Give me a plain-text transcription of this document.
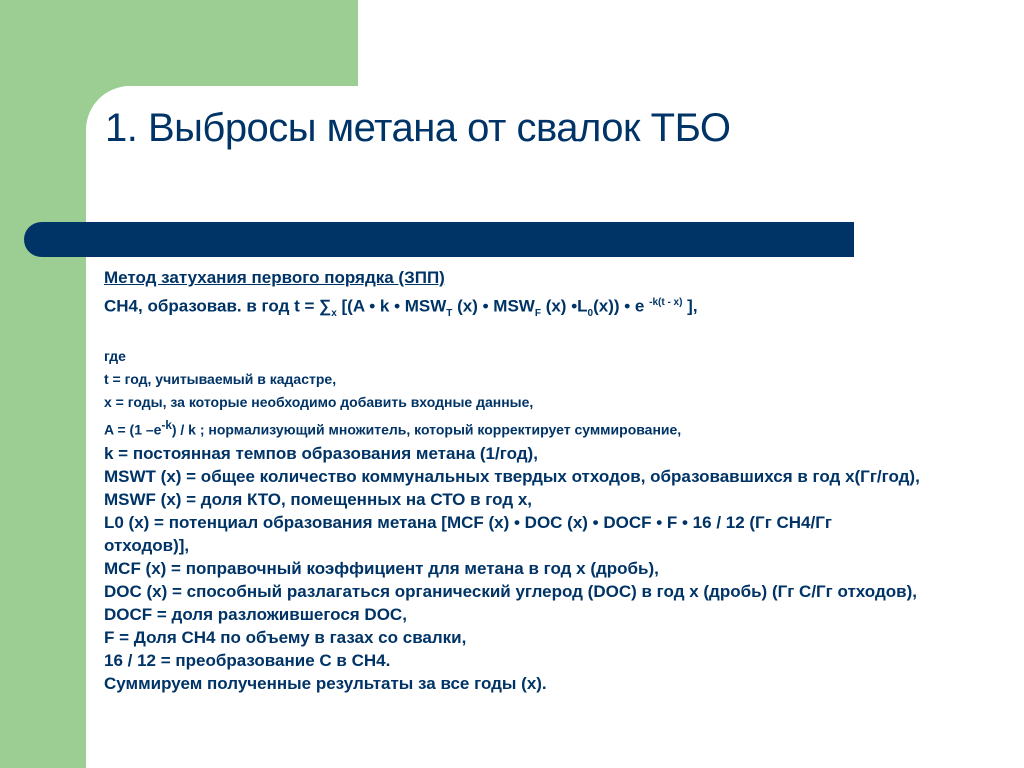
1. Выбросы метана от свалок ТБО

Метод затухания первого порядка (ЗПП)

CH4, образовав. в год $t = \sum_x$ [(A • k • $MSW_T$ (x) • $MSW_F$ (x) $•L_0(x)$) • e $^{-k(t - x)}$ ],

где

t = год, учитываемый в кадастре,

x = годы, за которые необходимо добавить входные данные,

A = (1 $-e^{-k}$) / k ; нормализующий множитель, который корректирует суммирование,

k = постоянная темпов образования метана (1/год),

MSWT (x) = общее количество коммунальных твердых отходов, образовавшихся в год x(Гг/год),

MSWF (x) = доля КТО, помещенных на СТО в год x,

L0 (x) = потенциал образования метана [MCF (x) • DOC (x) • DOCF • F • 16 / 12 (Гг CH4/Гг

отходов)],

MCF (x) = поправочный коэффициент для метана в год x (дробь),

DOC (x) = способный разлагаться органический углерод (DOC) в год x (дробь) (Гг C/Гг отходов),

DOCF = доля разложившегося DOC,

F = Доля CH4 по объему в газах со свалки,

16 / 12 = преобразование C в CH4.

Суммируем полученные результаты за все годы (x).
